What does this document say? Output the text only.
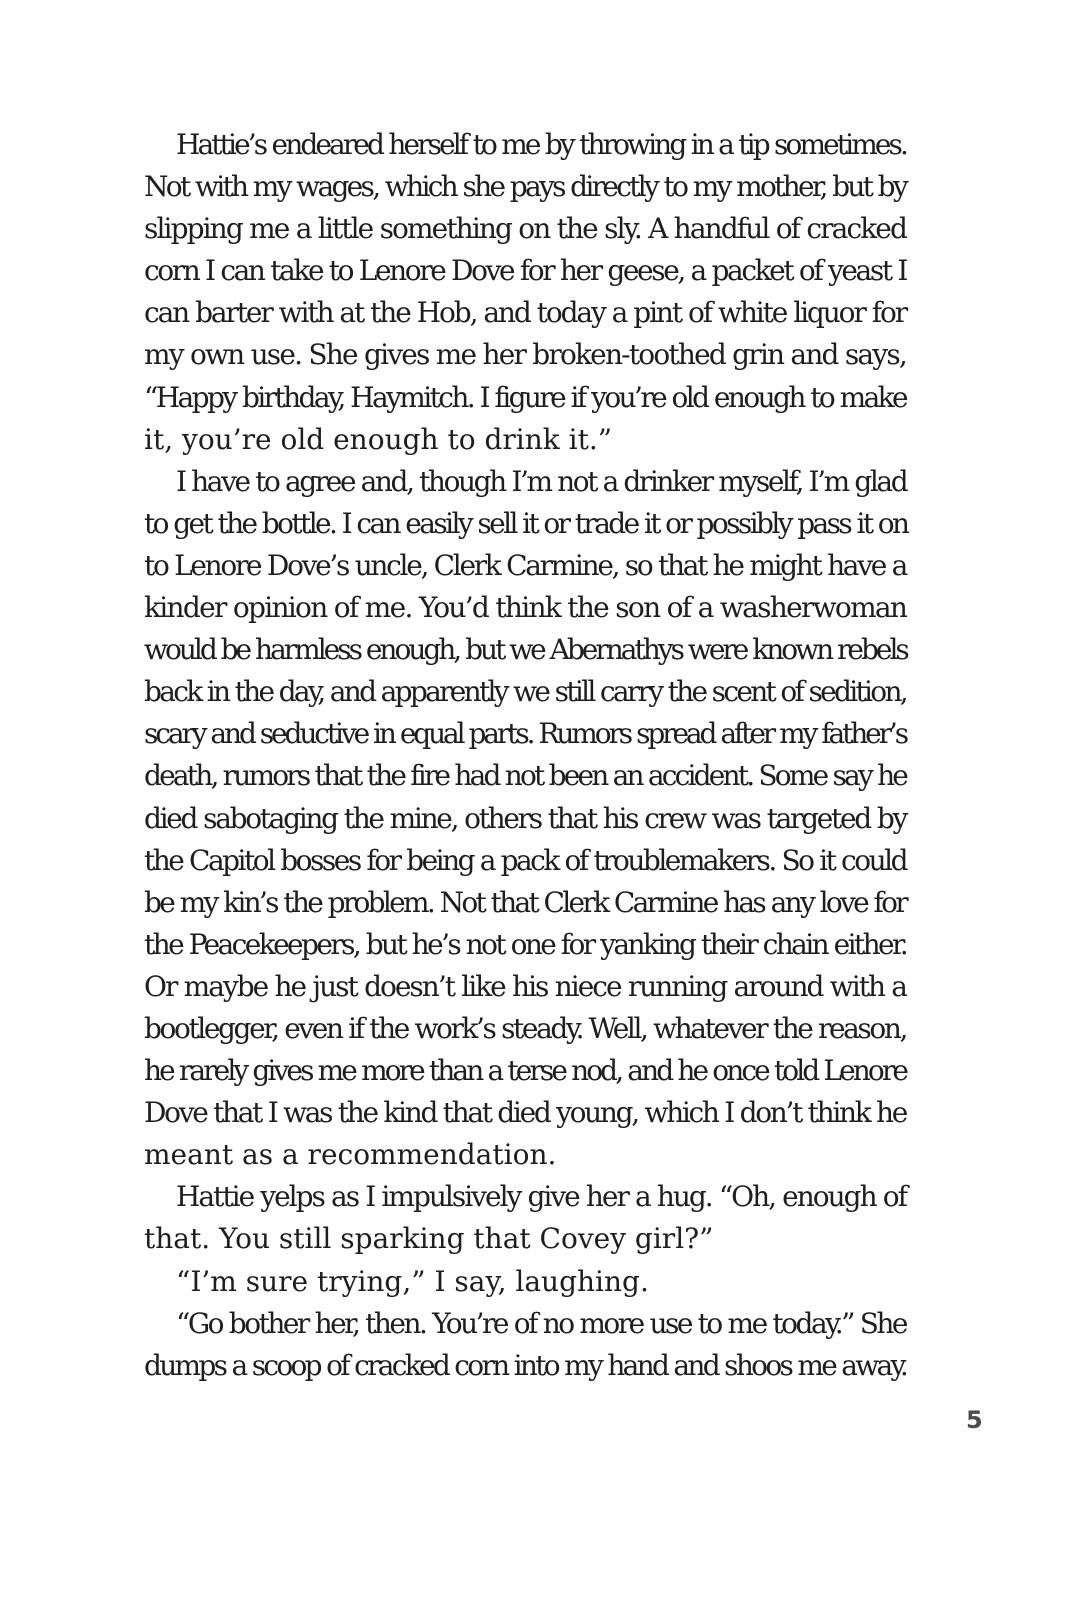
Hattie’s endeared herself to me by throwing in a tip sometimes.
Not with my wages, which she pays directly to my mother, but by
slipping me a little something on the sly. A handful of cracked
corn I can take to Lenore Dove for her geese, a packet of yeast I
can barter with at the Hob, and today a pint of white liquor for
my own use. She gives me her broken-toothed grin and says,
“Happy birthday, Haymitch. I figure if you’re old enough to make
it, you’re old enough to drink it.”
I have to agree and, though I’m not a drinker myself, I’m glad
to get the bottle. I can easily sell it or trade it or possibly pass it on
to Lenore Dove’s uncle, Clerk Carmine, so that he might have a
kinder opinion of me. You’d think the son of a washerwoman
would be harmless enough, but we Abernathys were known rebels
back in the day, and apparently we still carry the scent of sedition,
scary and seductive in equal parts. Rumors spread after my father’s
death, rumors that the fire had not been an accident. Some say he
died sabotaging the mine, others that his crew was targeted by
the Capitol bosses for being a pack of troublemakers. So it could
be my kin’s the problem. Not that Clerk Carmine has any love for
the Peacekeepers, but he’s not one for yanking their chain either.
Or maybe he just doesn’t like his niece running around with a
bootlegger, even if the work’s steady. Well, whatever the reason,
he rarely gives me more than a terse nod, and he once told Lenore
Dove that I was the kind that died young, which I don’t think he
meant as a recommendation.
Hattie yelps as I impulsively give her a hug. “Oh, enough of
that. You still sparking that Covey girl?”
“I’m sure trying,” I say, laughing.
“Go bother her, then. You’re of no more use to me today.” She
dumps a scoop of cracked corn into my hand and shoos me away.
5
